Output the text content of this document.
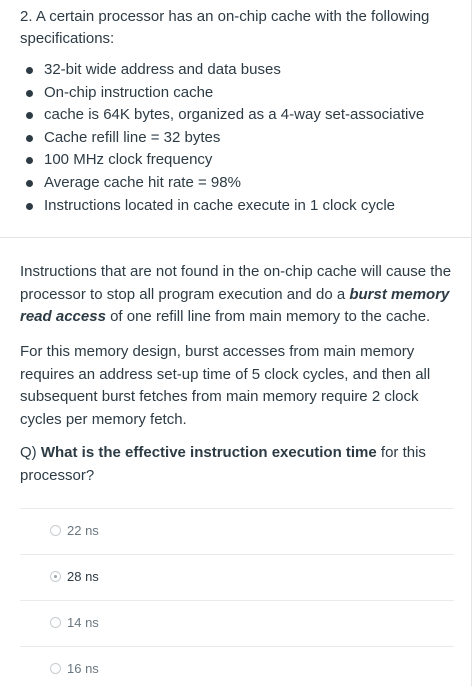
2. A certain processor has an on-chip cache with the following specifications:
32-bit wide address and data buses
On-chip instruction cache
cache is 64K bytes, organized as a 4-way set-associative
Cache refill line = 32 bytes
100 MHz clock frequency
Average cache hit rate = 98%
Instructions located in cache execute in 1 clock cycle

Instructions that are not found in the on-chip cache will cause the processor to stop all program execution and do a burst memory read access of one refill line from main memory to the cache.

For this memory design, burst accesses from main memory requires an address set-up time of 5 clock cycles, and then all subsequent burst fetches from main memory require 2 clock cycles per memory fetch.

Q) What is the effective instruction execution time for this processor?

22 ns
28 ns
14 ns
16 ns
